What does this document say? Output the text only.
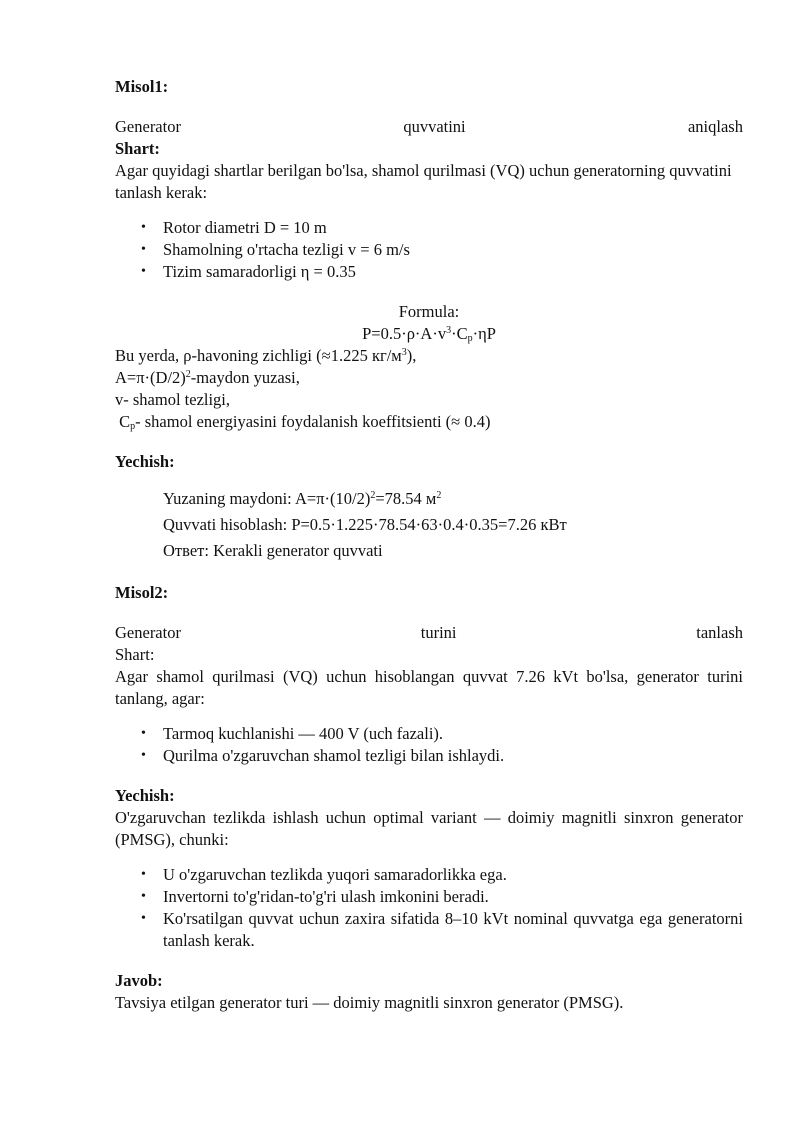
Misol1:

Generator	quvvatini	aniqlash

Shart:

Agar quyidagi shartlar berilgan bo'lsa, shamol qurilmasi (VQ) uchun generatorning quvvatini tanlash kerak:

• Rotor diametri D = 10 m
• Shamolning o'rtacha tezligi v = 6 m/s
• Tizim samaradorligi η = 0.35

Formula:

$P=0.5\cdot\rho\cdot A\cdot v^3\cdot C_p\cdot\eta P$

Bu yerda, ρ-havoning zichligi (≈1.225 $кг/м^3$),

$A=\pi\cdot(D/2)^2$-maydon yuzasi,

v- shamol tezligi,

$C_p-$ shamol energiyasini foydalanish koeffitsienti (≈ 0.4)

Yechish:

Yuzaning maydoni: $A=\pi\cdot(10/2)^2=78.54$ $м^2$

Quvvati hisoblash: P=0.5·1.225·78.54·63·0.4·0.35=7.26 кВт

Ответ: Kerakli generator quvvati

Misol2:

Generator	turini	tanlash

Shart:

Agar shamol qurilmasi (VQ) uchun hisoblangan quvvat 7.26 kVt bo'lsa, generator turini tanlang, agar:

• Tarmoq kuchlanishi — 400 V (uch fazali).
• Qurilma o'zgaruvchan shamol tezligi bilan ishlaydi.

Yechish:

O'zgaruvchan tezlikda ishlash uchun optimal variant — doimiy magnitli sinxron generator (PMSG), chunki:

• U o'zgaruvchan tezlikda yuqori samaradorlikka ega.
• Invertorni to'g'ridan-to'g'ri ulash imkonini beradi.
• Ko'rsatilgan quvvat uchun zaxira sifatida 8–10 kVt nominal quvvatga ega generatorni tanlash kerak.

Javob:

Tavsiya etilgan generator turi — doimiy magnitli sinxron generator (PMSG).
